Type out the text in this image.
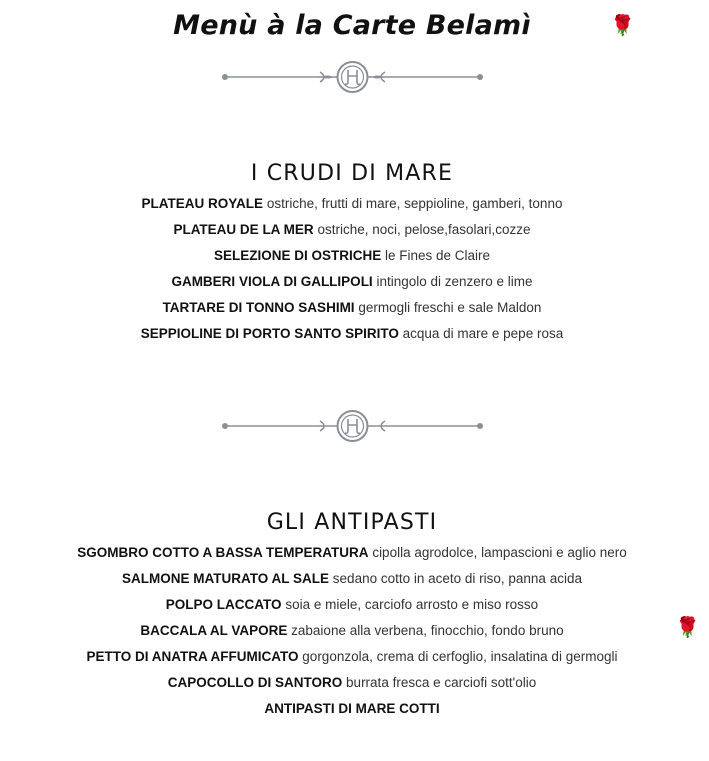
Menù à la Carte Belamì	🌹
I CRUDI DI MARE
PLATEAU ROYALE ostriche, frutti di mare, seppioline, gamberi, tonno
PLATEAU DE LA MER ostriche, noci, pelose,fasolari,cozze
SELEZIONE DI OSTRICHE le Fines de Claire
GAMBERI VIOLA DI GALLIPOLI intingolo di zenzero e lime
TARTARE DI TONNO SASHIMI germogli freschi e sale Maldon
SEPPIOLINE DI PORTO SANTO SPIRITO acqua di mare e pepe rosa
GLI ANTIPASTI
SGOMBRO COTTO A BASSA TEMPERATURA cipolla agrodolce, lampascioni e aglio nero
SALMONE MATURATO AL SALE sedano cotto in aceto di riso, panna acida
POLPO LACCATO soia e miele, carciofo arrosto e miso rosso
BACCALA AL VAPORE zabaione alla verbena, finocchio, fondo bruno
PETTO DI ANATRA AFFUMICATO gorgonzola, crema di cerfoglio, insalatina di germogli
CAPOCOLLO DI SANTORO burrata fresca e carciofi sott'olio
ANTIPASTI DI MARE COTTI
🌹
